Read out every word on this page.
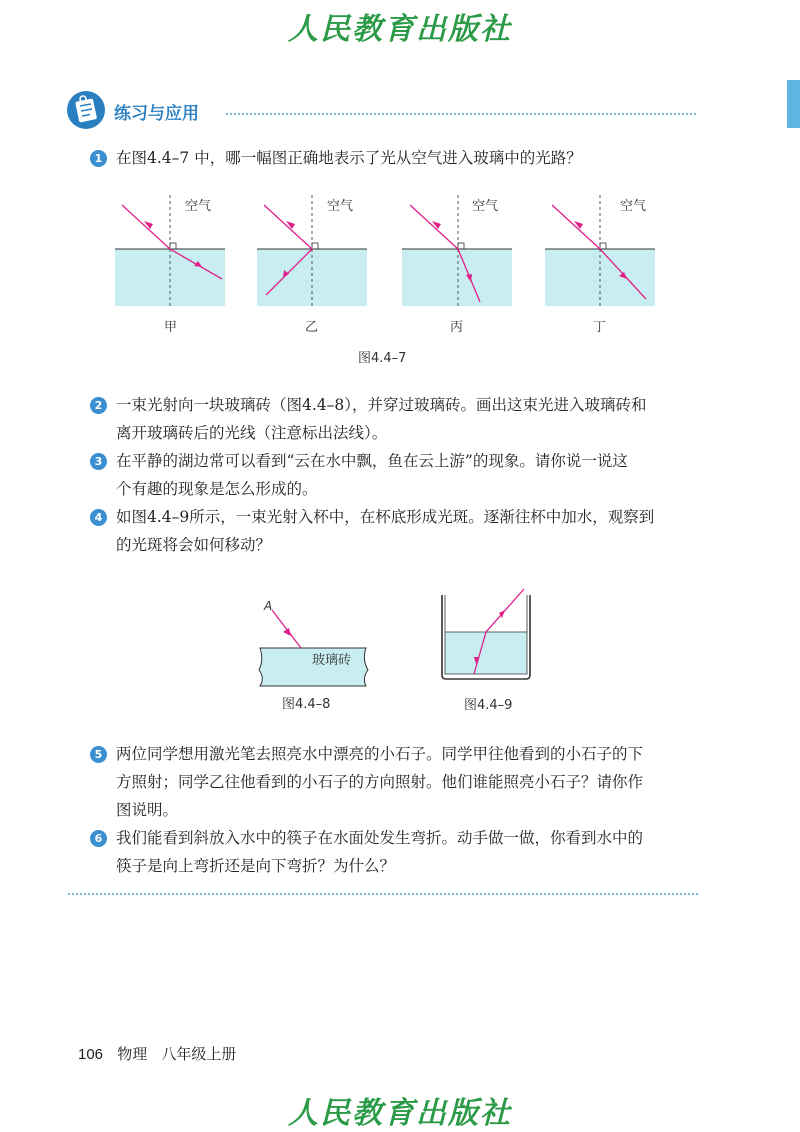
人民教育出版社
练习与应用
1 在图4.4–7 中，哪一幅图正确地表示了光从空气进入玻璃中的光路？
空气	空气	空气	空气
甲	乙	丙	丁
图4.4–7
2 一束光射向一块玻璃砖（图4.4–8），并穿过玻璃砖。画出这束光进入玻璃砖和
离开玻璃砖后的光线（注意标出法线）。
3 在平静的湖边常可以看到“云在水中飘，鱼在云上游”的现象。请你说一说这
个有趣的现象是怎么形成的。
4 如图4.4–9所示，一束光射入杯中，在杯底形成光斑。逐渐往杯中加水，观察到
的光斑将会如何移动？
A
玻璃砖
图4.4–8	图4.4–9
5 两位同学想用激光笔去照亮水中漂亮的小石子。同学甲往他看到的小石子的下
方照射；同学乙往他看到的小石子的方向照射。他们谁能照亮小石子？请你作
图说明。
6 我们能看到斜放入水中的筷子在水面处发生弯折。动手做一做，你看到水中的
筷子是向上弯折还是向下弯折？为什么？
106 物理 八年级上册
人民教育出版社
